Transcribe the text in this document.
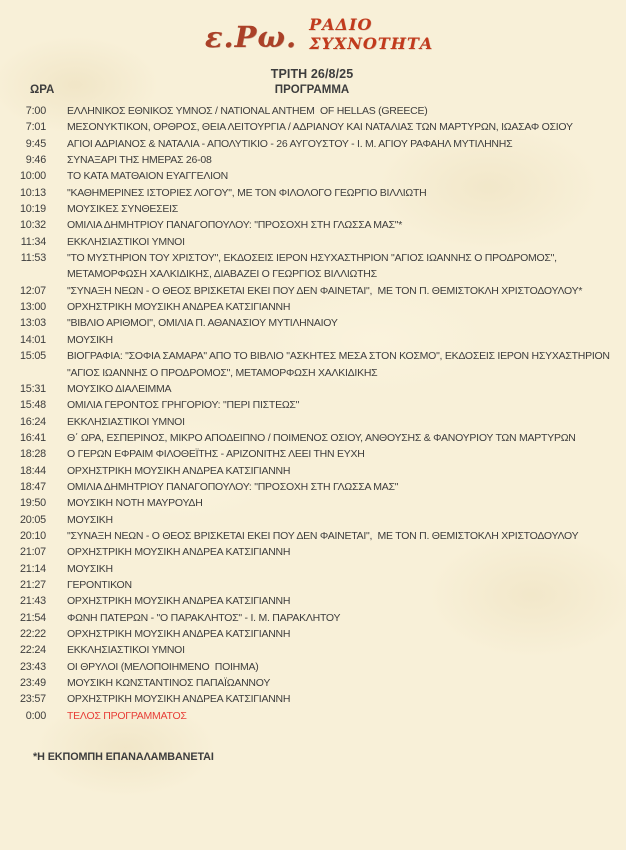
ε.Ρω. ΡΑΔΙΟ
ΣΥΧΝΟΤΗΤΑ
ΤΡΙΤΗ 26/8/25
ΩΡΑ	ΠΡΟΓΡΑΜΜΑ
7:00 ΕΛΛΗΝΙΚΟΣ ΕΘΝΙΚΟΣ ΥΜΝΟΣ / NATIONAL ANTHEM  OF HELLAS (GREECE)
7:01 ΜΕΣΟΝΥΚΤΙΚΟΝ, ΟΡΘΡΟΣ, ΘΕΙΑ ΛΕΙΤΟΥΡΓΙΑ / ΑΔΡΙΑΝΟΥ ΚΑΙ ΝΑΤΑΛΙΑΣ ΤΩΝ ΜΑΡΤΥΡΩΝ, ΙΩΑΣΑΦ ΟΣΙΟΥ
9:45 ΑΓΙΟΙ ΑΔΡΙΑΝΟΣ & ΝΑΤΑΛΙΑ - ΑΠΟΛΥΤΙΚΙΟ - 26 ΑΥΓΟΥΣΤΟΥ - Ι. Μ. ΑΓΙΟΥ ΡΑΦΑΗΛ ΜΥΤΙΛΗΝΗΣ
9:46 ΣΥΝΑΞΑΡΙ ΤΗΣ ΗΜΕΡΑΣ 26-08
10:00 ΤΟ ΚΑΤΑ ΜΑΤΘΑΙΟΝ ΕΥΑΓΓΕΛΙΟΝ
10:13 "ΚΑΘΗΜΕΡΙΝΕΣ ΙΣΤΟΡΙΕΣ ΛΟΓΟΥ", ΜΕ ΤΟΝ ΦΙΛΟΛΟΓΟ ΓΕΩΡΓΙΟ ΒΙΛΛΙΩΤΗ
10:19 ΜΟΥΣΙΚΕΣ ΣΥΝΘΕΣΕΙΣ
10:32 ΟΜΙΛΙΑ ΔΗΜΗΤΡΙΟΥ ΠΑΝΑΓΟΠΟΥΛΟΥ: "ΠΡΟΣΟΧΗ ΣΤΗ ΓΛΩΣΣΑ ΜΑΣ"*
11:34 ΕΚΚΛΗΣΙΑΣΤΙΚΟΙ ΥΜΝΟΙ
11:53 "ΤΟ ΜΥΣΤΗΡΙΟΝ ΤΟΥ ΧΡΙΣΤΟΥ", ΕΚΔΟΣΕΙΣ ΙΕΡΟΝ ΗΣΥΧΑΣΤΗΡΙΟΝ "ΑΓΙΟΣ ΙΩΑΝΝΗΣ Ο ΠΡΟΔΡΟΜΟΣ", ΜΕΤΑΜΟΡΦΩΣΗ ΧΑΛΚΙΔΙΚΗΣ, ΔΙΑΒΑΖΕΙ Ο ΓΕΩΡΓΙΟΣ ΒΙΛΛΙΩΤΗΣ
12:07 "ΣΥΝΑΞΗ ΝΕΩΝ - Ο ΘΕΟΣ ΒΡΙΣΚΕΤΑΙ ΕΚΕΙ ΠΟΥ ΔΕΝ ΦΑΙΝΕΤΑΙ",  ΜΕ ΤΟΝ Π. ΘΕΜΙΣΤΟΚΛΗ ΧΡΙΣΤΟΔΟΥΛΟΥ*
13:00 ΟΡΧΗΣΤΡΙΚΗ ΜΟΥΣΙΚΗ ΑΝΔΡΕΑ ΚΑΤΣΙΓΙΑΝΝΗ
13:03 "ΒΙΒΛΙΟ ΑΡΙΘΜΟΙ", ΟΜΙΛΙΑ Π. ΑΘΑΝΑΣΙΟΥ ΜΥΤΙΛΗΝΑΙΟΥ
14:01 ΜΟΥΣΙΚΗ
15:05 ΒΙΟΓΡΑΦΙΑ: "ΣΟΦΙΑ ΣΑΜΑΡΑ" ΑΠΟ ΤΟ ΒΙΒΛΙΟ "ΑΣΚΗΤΕΣ ΜΕΣΑ ΣΤΟΝ ΚΟΣΜΟ", ΕΚΔΟΣΕΙΣ ΙΕΡΟΝ ΗΣΥΧΑΣΤΗΡΙΟΝ "ΑΓΙΟΣ ΙΩΑΝΝΗΣ Ο ΠΡΟΔΡΟΜΟΣ", ΜΕΤΑΜΟΡΦΩΣΗ ΧΑΛΚΙΔΙΚΗΣ
15:31 ΜΟΥΣΙΚΟ ΔΙΑΛΕΙΜΜΑ
15:48 ΟΜΙΛΙΑ ΓΕΡΟΝΤΟΣ ΓΡΗΓΟΡΙΟΥ: "ΠΕΡΙ ΠΙΣΤΕΩΣ"
16:24 ΕΚΚΛΗΣΙΑΣΤΙΚΟΙ ΥΜΝΟΙ
16:41 Θ΄ ΩΡΑ, ΕΣΠΕΡΙΝΟΣ, ΜΙΚΡΟ ΑΠΟΔΕΙΠΝΟ / ΠΟΙΜΕΝΟΣ ΟΣΙΟΥ, ΑΝΘΟΥΣΗΣ & ΦΑΝΟΥΡΙΟΥ ΤΩΝ ΜΑΡΤΥΡΩΝ
18:28 Ο ΓΕΡΩΝ ΕΦΡΑΙΜ ΦΙΛΟΘΕΪΤΗΣ - ΑΡΙΖΟΝΙΤΗΣ ΛΕΕΙ ΤΗΝ ΕΥΧΗ
18:44 ΟΡΧΗΣΤΡΙΚΗ ΜΟΥΣΙΚΗ ΑΝΔΡΕΑ ΚΑΤΣΙΓΙΑΝΝΗ
18:47 ΟΜΙΛΙΑ ΔΗΜΗΤΡΙΟΥ ΠΑΝΑΓΟΠΟΥΛΟΥ: "ΠΡΟΣΟΧΗ ΣΤΗ ΓΛΩΣΣΑ ΜΑΣ"
19:50 ΜΟΥΣΙΚΗ ΝΟΤΗ ΜΑΥΡΟΥΔΗ
20:05 ΜΟΥΣΙΚΗ
20:10 "ΣΥΝΑΞΗ ΝΕΩΝ - Ο ΘΕΟΣ ΒΡΙΣΚΕΤΑΙ ΕΚΕΙ ΠΟΥ ΔΕΝ ΦΑΙΝΕΤΑΙ",  ΜΕ ΤΟΝ Π. ΘΕΜΙΣΤΟΚΛΗ ΧΡΙΣΤΟΔΟΥΛΟΥ
21:07 ΟΡΧΗΣΤΡΙΚΗ ΜΟΥΣΙΚΗ ΑΝΔΡΕΑ ΚΑΤΣΙΓΙΑΝΝΗ
21:14 ΜΟΥΣΙΚΗ
21:27 ΓΕΡΟΝΤΙΚΟΝ
21:43 ΟΡΧΗΣΤΡΙΚΗ ΜΟΥΣΙΚΗ ΑΝΔΡΕΑ ΚΑΤΣΙΓΙΑΝΝΗ
21:54 ΦΩΝΗ ΠΑΤΕΡΩΝ - "Ο ΠΑΡΑΚΛΗΤΟΣ" - Ι. Μ. ΠΑΡΑΚΛΗΤΟΥ
22:22 ΟΡΧΗΣΤΡΙΚΗ ΜΟΥΣΙΚΗ ΑΝΔΡΕΑ ΚΑΤΣΙΓΙΑΝΝΗ
22:24 ΕΚΚΛΗΣΙΑΣΤΙΚΟΙ ΥΜΝΟΙ
23:43 ΟΙ ΘΡΥΛΟΙ (ΜΕΛΟΠΟΙΗΜΕΝΟ  ΠΟΙΗΜΑ)
23:49 ΜΟΥΣΙΚΗ ΚΩΝΣΤΑΝΤΙΝΟΣ ΠΑΠΑΪΩΑΝΝΟΥ
23:57 ΟΡΧΗΣΤΡΙΚΗ ΜΟΥΣΙΚΗ ΑΝΔΡΕΑ ΚΑΤΣΙΓΙΑΝΝΗ
0:00 ΤΕΛΟΣ ΠΡΟΓΡΑΜΜΑΤΟΣ
*Η ΕΚΠΟΜΠΗ ΕΠΑΝΑΛΑΜΒΑΝΕΤΑΙ
